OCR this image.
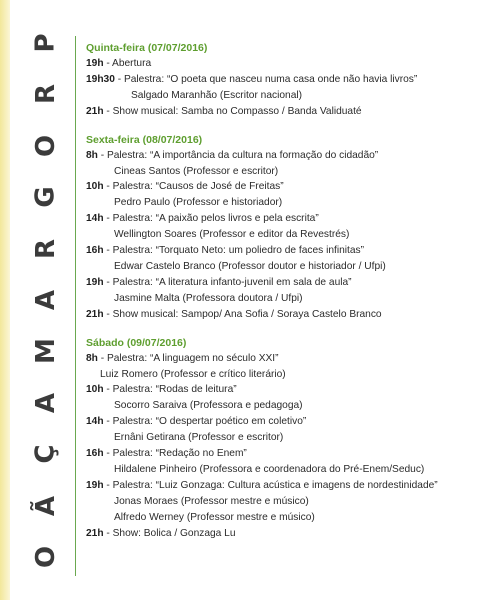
P
R
O
G
R
A
M
A
Ç
Ã
O
Quinta-feira (07/07/2016)
19h - Abertura
19h30 - Palestra: “O poeta que nasceu numa casa onde não havia livros”
Salgado Maranhão (Escritor nacional)
21h - Show musical: Samba no Compasso / Banda Validuaté
Sexta-feira (08/07/2016)
8h - Palestra: “A importância da cultura na formação do cidadão”
Cineas Santos (Professor e escritor)
10h - Palestra: “Causos de José de Freitas”
Pedro Paulo (Professor e historiador)
14h - Palestra: “A paixão pelos livros e pela escrita”
Wellington Soares (Professor e editor da Revestrés)
16h - Palestra: “Torquato Neto: um poliedro de faces infinitas”
Edwar Castelo Branco (Professor doutor e historiador / Ufpi)
19h - Palestra: “A literatura infanto-juvenil em sala de aula”
Jasmine Malta (Professora doutora / Ufpi)
21h - Show musical: Sampop/ Ana Sofia / Soraya Castelo Branco
Sábado (09/07/2016)
8h - Palestra: “A linguagem no século XXI”
Luiz Romero (Professor e crítico literário)
10h - Palestra: “Rodas de leitura”
Socorro Saraiva (Professora e pedagoga)
14h - Palestra: “O despertar poético em coletivo”
Ernâni Getirana (Professor e escritor)
16h - Palestra: “Redação no Enem”
Hildalene Pinheiro (Professora e coordenadora do Pré-Enem/Seduc)
19h - Palestra: “Luiz Gonzaga: Cultura acústica e imagens de nordestinidade”
Jonas Moraes (Professor mestre e músico)
Alfredo Werney (Professor mestre e músico)
21h - Show: Bolica / Gonzaga Lu
